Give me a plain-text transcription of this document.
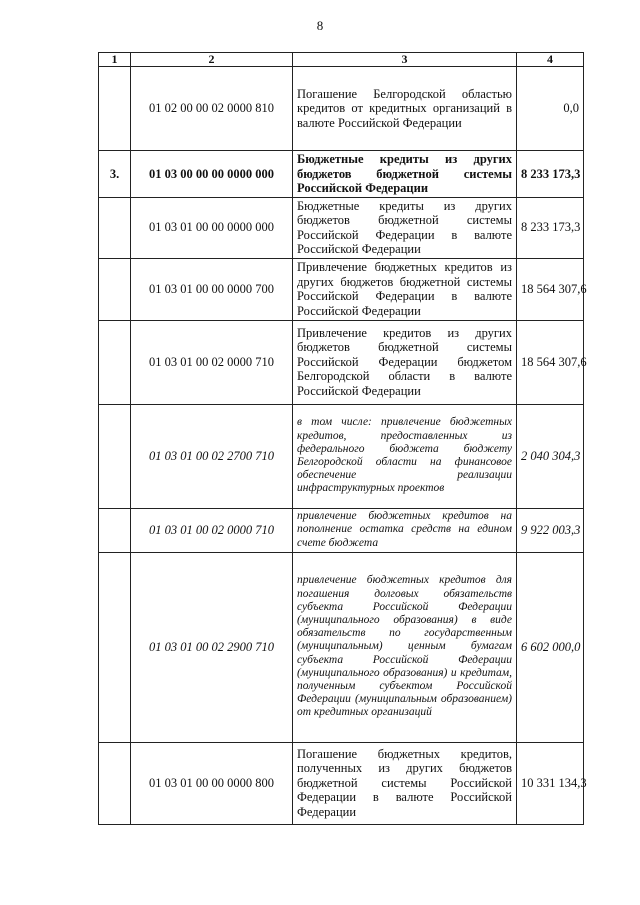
8
1	2	3	4
	01 02 00 00 02 0000 810	Погашение Белгородской областью кредитов от кредитных организаций в валюте Российской Федерации	0,0
3.	01 03 00 00 00 0000 000	Бюджетные кредиты из других бюджетов бюджетной системы Российской Федерации	8 233 173,3
	01 03 01 00 00 0000 000	Бюджетные кредиты из других бюджетов бюджетной системы Российской Федерации в валюте Российской Федерации	8 233 173,3
	01 03 01 00 00 0000 700	Привлечение бюджетных кредитов из других бюджетов бюджетной системы Российской Федерации в валюте Российской Федерации	18 564 307,6
	01 03 01 00 02 0000 710	Привлечение кредитов из других бюджетов бюджетной системы Российской Федерации бюджетом Белгородской области в валюте Российской Федерации	18 564 307,6
	01 03 01 00 02 2700 710	в том числе: привлечение бюджетных кредитов, предоставленных из федерального бюджета бюджету Белгородской области на финансовое обеспечение реализации инфраструктурных проектов	2 040 304,3
	01 03 01 00 02 0000 710	привлечение бюджетных кредитов на пополнение остатка средств на едином счете бюджета	9 922 003,3
	01 03 01 00 02 2900 710	привлечение бюджетных кредитов для погашения долговых обязательств субъекта Российской Федерации (муниципального образования) в виде обязательств по государственным (муниципальным) ценным бумагам субъекта Российской Федерации (муниципального образования) и кредитам, полученным субъектом Российской Федерации (муниципальным образованием) от кредитных организаций	6 602 000,0
	01 03 01 00 00 0000 800	Погашение бюджетных кредитов, полученных из других бюджетов бюджетной системы Российской Федерации в валюте Российской Федерации	10 331 134,3
